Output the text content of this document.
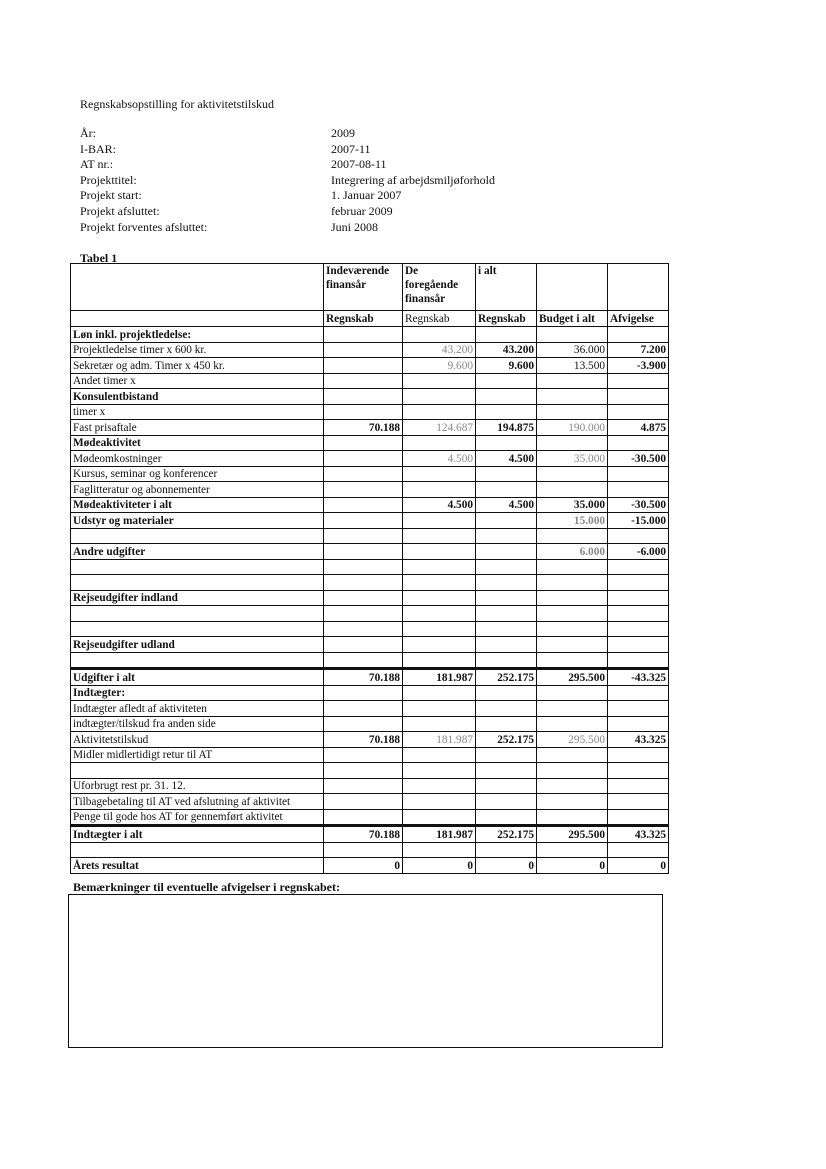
Regnskabsopstilling for aktivitetstilskud
År:	2009
I-BAR:	2007-11
AT nr.:	2007-08-11
Projekttitel:	Integrering af arbejdsmiljøforhold
Projekt start:	1. Januar 2007
Projekt afsluttet:	februar 2009
Projekt forventes afsluttet:	Juni 2008
Tabel 1
	Indeværende finansår	De foregående finansår	i alt		
	Regnskab	Regnskab	Regnskab	Budget i alt	Afvigelse
Løn inkl. projektledelse:					
Projektledelse timer x 600 kr.		43.200	43.200	36.000	7.200
Sekretær og adm. Timer x 450 kr.		9.600	9.600	13.500	-3.900
Andet timer x					
Konsulentbistand					
timer x					
Fast prisaftale	70.188	124.687	194.875	190.000	4.875
Mødeaktivitet					
Mødeomkostninger		4.500	4.500	35.000	-30.500
Kursus, seminar og konferencer					
Faglitteratur og abonnementer					
Mødeaktiviteter i alt		4.500	4.500	35.000	-30.500
Udstyr og materialer				15.000	-15.000

Andre udgifter				6.000	-6.000

Rejseudgifter indland					

Rejseudgifter udland					

Udgifter i alt	70.188	181.987	252.175	295.500	-43.325
Indtægter:					
Indtægter afledt af aktiviteten					
indtægter/tilskud fra anden side					
Aktivitetstilskud	70.188	181.987	252.175	295.500	43.325
Midler midlertidigt retur til AT					

Uforbrugt rest pr. 31. 12.					
Tilbagebetaling til AT ved afslutning af aktivitet					
Penge til gode hos AT for gennemført aktivitet					
Indtægter i alt	70.188	181.987	252.175	295.500	43.325

Årets resultat	0	0	0	0	0
Bemærkninger til eventuelle afvigelser i regnskabet:
